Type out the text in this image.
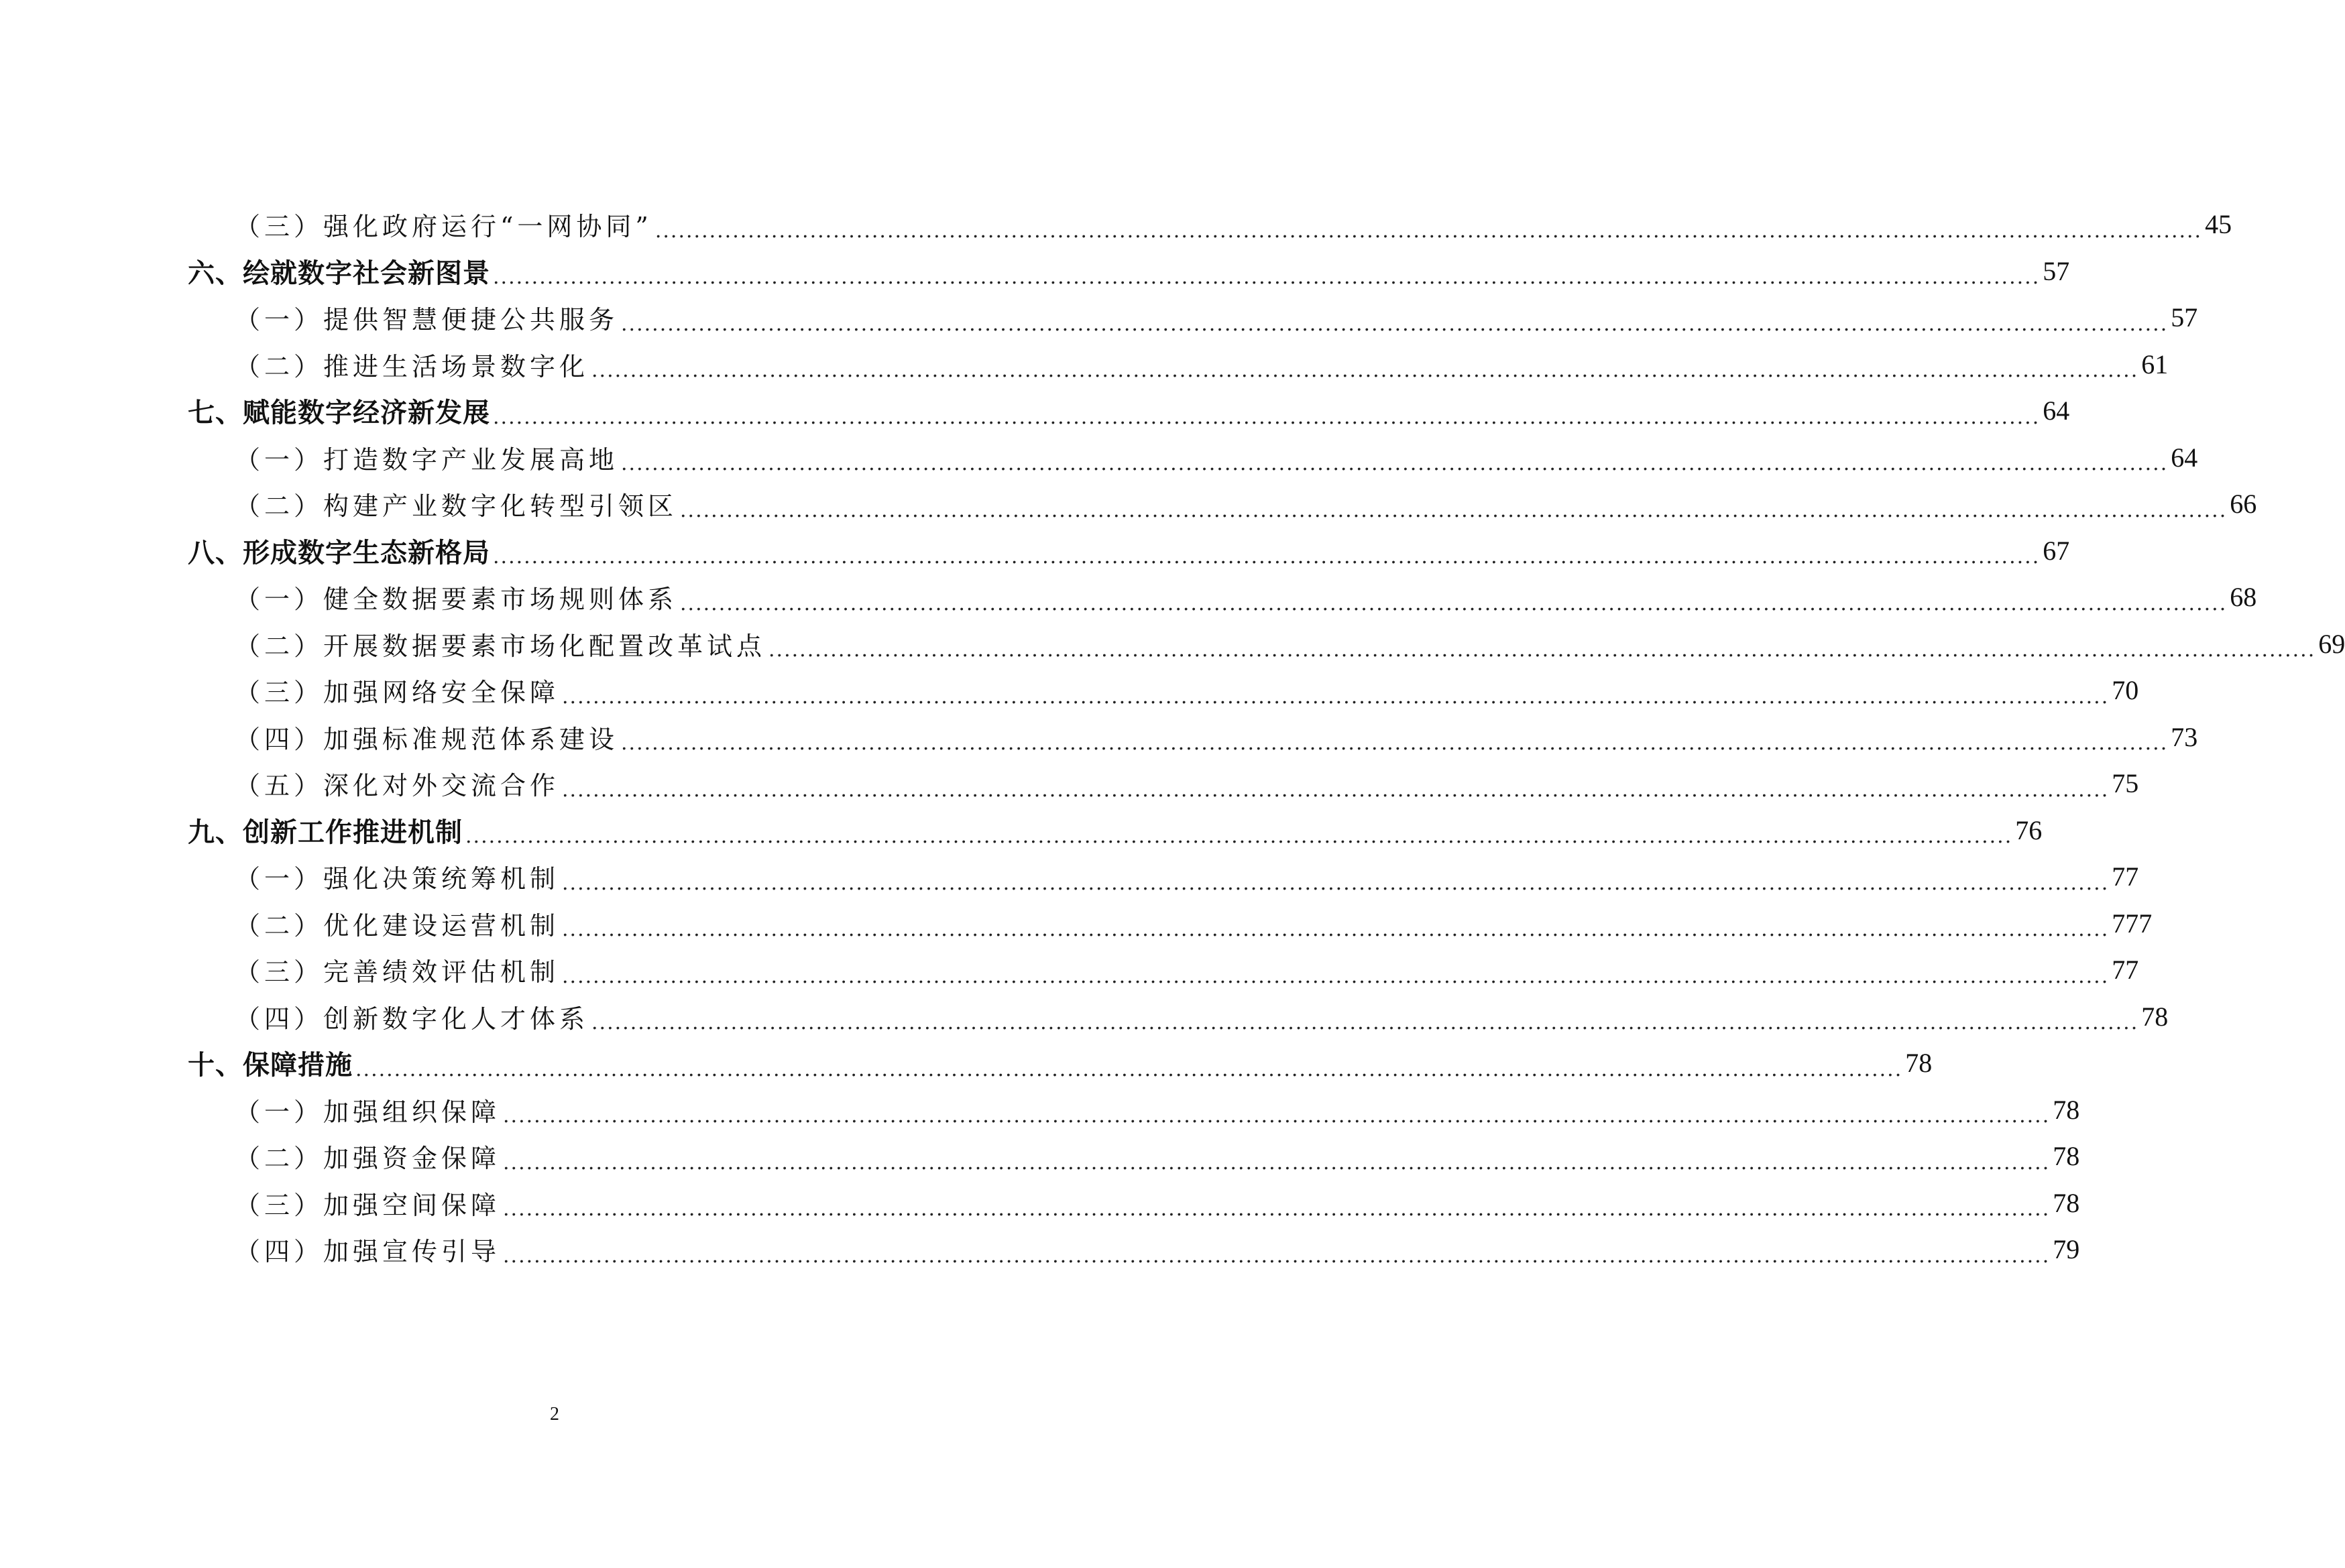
（三）强化政府运行“一网协同” ........................................................................................................................................................................................................ 45
六、绘就数字社会新图景 ........................................................................................................................................................................................................ 57
（一）提供智慧便捷公共服务 ........................................................................................................................................................................................................ 57
（二）推进生活场景数字化 ........................................................................................................................................................................................................ 61
七、赋能数字经济新发展 ........................................................................................................................................................................................................ 64
（一）打造数字产业发展高地 ........................................................................................................................................................................................................ 64
（二）构建产业数字化转型引领区 ........................................................................................................................................................................................................ 66
八、形成数字生态新格局 ........................................................................................................................................................................................................ 67
（一）健全数据要素市场规则体系 ........................................................................................................................................................................................................ 68
（二）开展数据要素市场化配置改革试点 ........................................................................................................................................................................................................ 69
（三）加强网络安全保障 ........................................................................................................................................................................................................ 70
（四）加强标准规范体系建设 ........................................................................................................................................................................................................ 73
（五）深化对外交流合作 ........................................................................................................................................................................................................ 75
九、创新工作推进机制 ........................................................................................................................................................................................................ 76
（一）强化决策统筹机制 ........................................................................................................................................................................................................ 77
（二）优化建设运营机制 ........................................................................................................................................................................................................ 777
（三）完善绩效评估机制 ........................................................................................................................................................................................................ 77
（四）创新数字化人才体系 ........................................................................................................................................................................................................ 78
十、保障措施 ........................................................................................................................................................................................................ 78
（一）加强组织保障 ........................................................................................................................................................................................................ 78
（二）加强资金保障 ........................................................................................................................................................................................................ 78
（三）加强空间保障 ........................................................................................................................................................................................................ 78
（四）加强宣传引导 ........................................................................................................................................................................................................ 79
2
